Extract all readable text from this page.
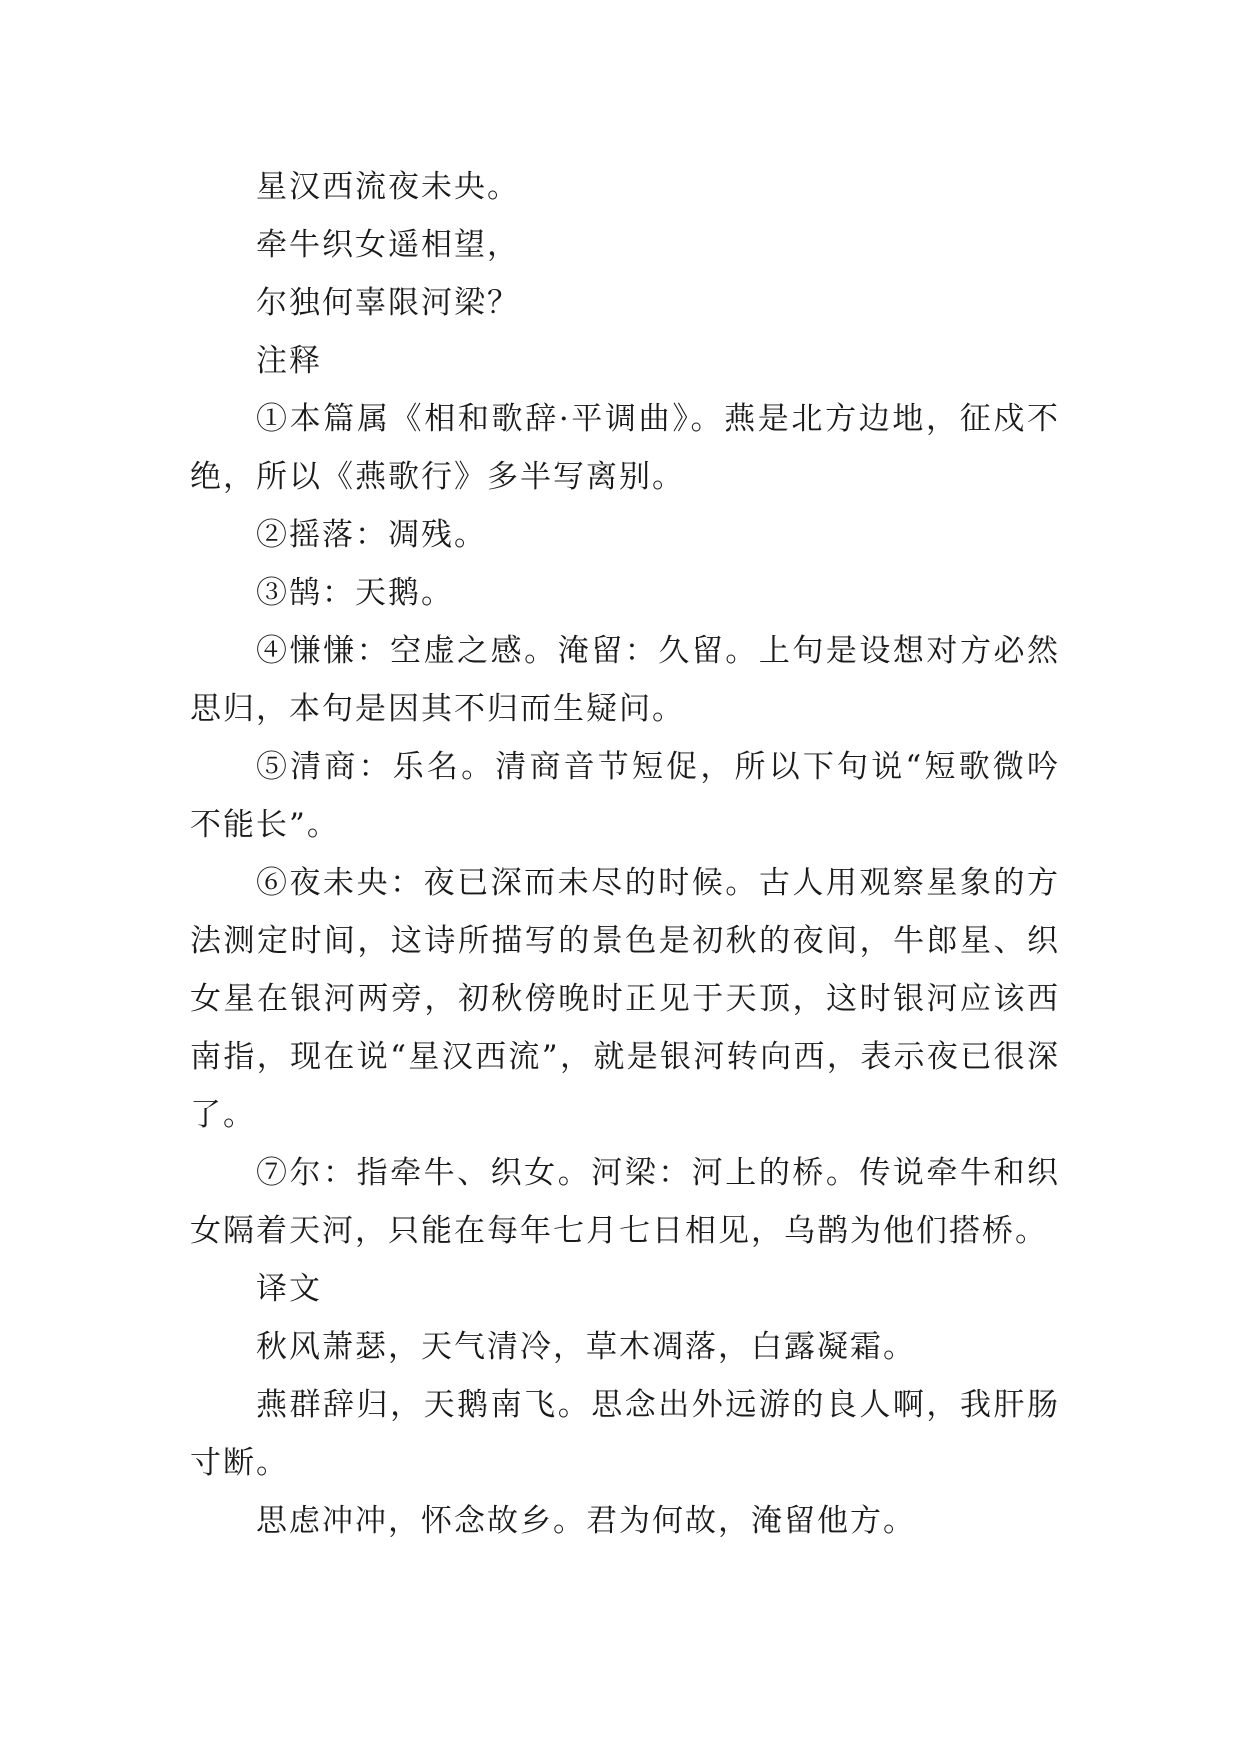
星汉西流夜未央。

牵牛织女遥相望，

尔独何辜限河梁？

注释

①本篇属《相和歌辞·平调曲》。燕是北方边地，征戍不绝，所以《燕歌行》多半写离别。

②摇落：凋残。

③鹄：天鹅。

④慊慊：空虚之感。淹留：久留。上句是设想对方必然思归，本句是因其不归而生疑问。

⑤清商：乐名。清商音节短促，所以下句说“短歌微吟不能长”。

⑥夜未央：夜已深而未尽的时候。古人用观察星象的方法测定时间，这诗所描写的景色是初秋的夜间，牛郎星、织女星在银河两旁，初秋傍晚时正见于天顶，这时银河应该西南指，现在说“星汉西流”，就是银河转向西，表示夜已很深了。

⑦尔：指牵牛、织女。河梁：河上的桥。传说牵牛和织女隔着天河，只能在每年七月七日相见，乌鹊为他们搭桥。

译文

秋风萧瑟，天气清冷，草木凋落，白露凝霜。

燕群辞归，天鹅南飞。思念出外远游的良人啊，我肝肠寸断。

思虑冲冲，怀念故乡。君为何故，淹留他方。
